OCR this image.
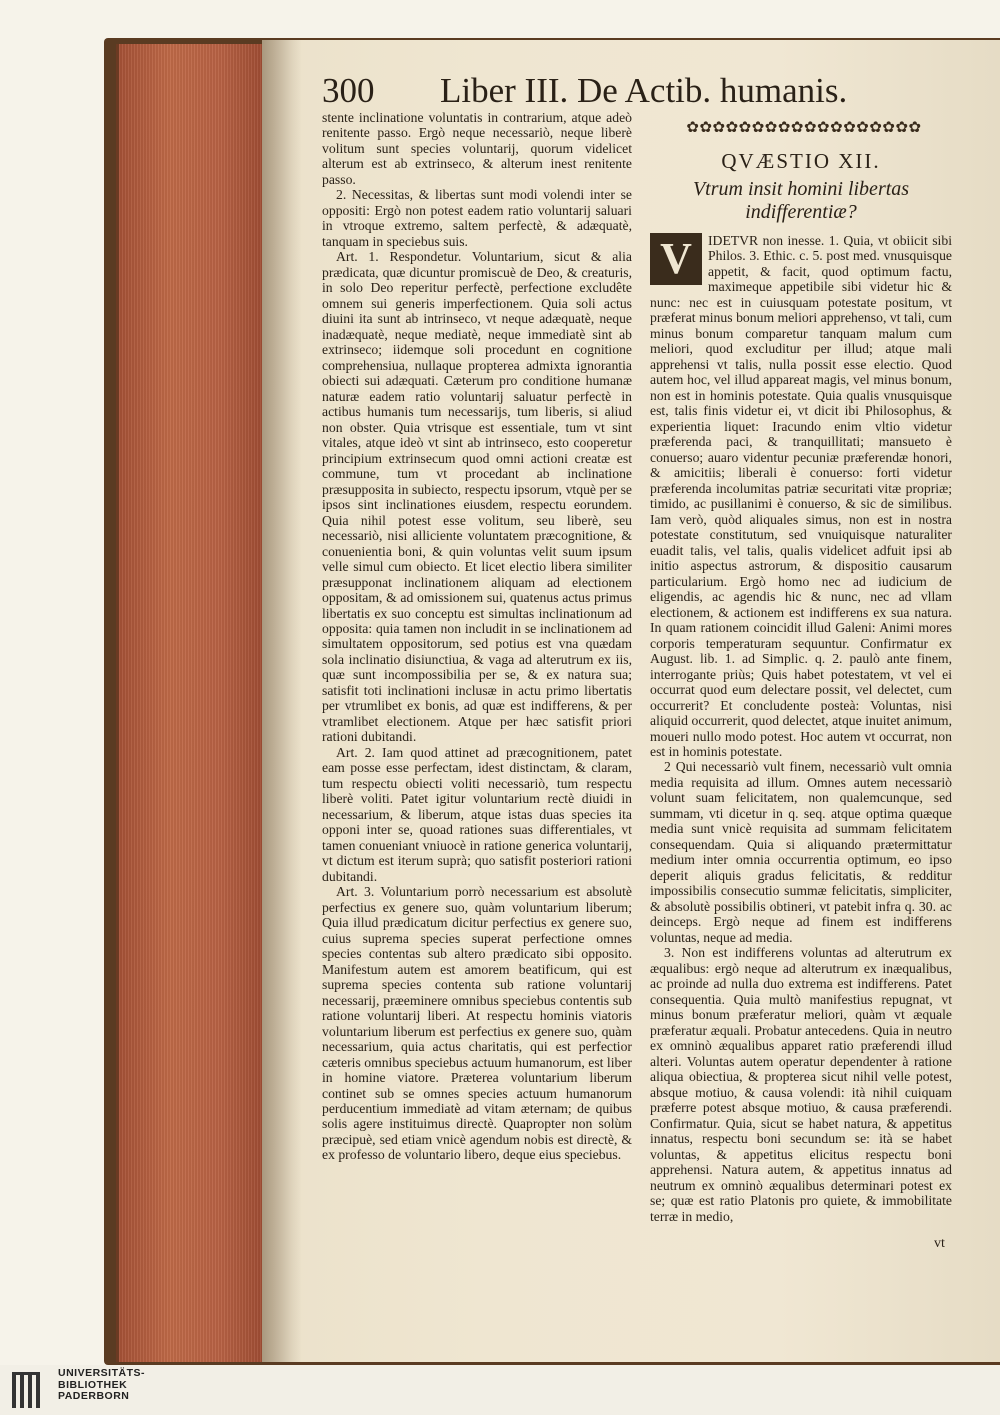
300 Liber III. De Actib. humanis.

stente inclinatione voluntatis in contrarium, atque adeò renitente passo. Ergò neque necessariò, neque liberè volitum sunt species voluntarij, quorum videlicet alterum est ab extrinseco, & alterum inest renitente passo.

2. Necessitas, & libertas sunt modi volendi inter se oppositi: Ergò non potest eadem ratio voluntarij saluari in vtroque extremo, saltem perfectè, & adæquatè, tanquam in speciebus suis.

Art. 1. Respondetur. Voluntarium, sicut & alia prædicata, quæ dicuntur promiscuè de Deo, & creaturis, in solo Deo reperitur perfectè, perfectione excludête omnem sui generis imperfectionem. Quia soli actus diuini ita sunt ab intrinseco, vt neque adæquatè, neque inadæquatè, neque mediatè, neque immediatè sint ab extrinseco; iidemque soli procedunt en cognitione comprehensiua, nullaque propterea admixta ignorantia obiecti sui adæquati. Cæterum pro conditione humanæ naturæ eadem ratio voluntarij saluatur perfectè in actibus humanis tum necessarijs, tum liberis, si aliud non obster. Quia vtrisque est essentiale, tum vt sint vitales, atque ideò vt sint ab intrinseco, esto cooperetur principium extrinsecum quod omni actioni creatæ est commune, tum vt procedant ab inclinatione præsupposita in subiecto, respectu ipsorum, vtquè per se ipsos sint inclinationes eiusdem, respectu eorundem. Quia nihil potest esse volitum, seu liberè, seu necessariò, nisi alliciente voluntatem præcognitione, & conuenientia boni, & quin voluntas velit suum ipsum velle simul cum obiecto. Et licet electio libera similiter præsupponat inclinationem aliquam ad electionem oppositam, & ad omissionem sui, quatenus actus primus libertatis ex suo conceptu est simultas inclinationum ad opposita: quia tamen non includit in se inclinationem ad simultatem oppositorum, sed potius est vna quædam sola inclinatio disiunctiua, & vaga ad alterutrum ex iis, quæ sunt incompossibilia per se, & ex natura sua; satisfit toti inclinationi inclusæ in actu primo libertatis per vtrumlibet ex bonis, ad quæ est indifferens, & per vtramlibet electionem. Atque per hæc satisfit priori rationi dubitandi.

Art. 2. Iam quod attinet ad præcognitionem, patet eam posse esse perfectam, idest distinctam, & claram, tum respectu obiecti voliti necessariò, tum respectu liberè voliti. Patet igitur voluntarium rectè diuidi in necessarium, & liberum, atque istas duas species ita opponi inter se, quoad rationes suas differentiales, vt tamen conueniant vniuocè in ratione generica voluntarij, vt dictum est iterum suprà; quo satisfit posteriori rationi dubitandi.

Art. 3. Voluntarium porrò necessarium est absolutè perfectius ex genere suo, quàm voluntarium liberum; Quia illud prædicatum dicitur perfectius ex genere suo, cuius suprema species superat perfectione omnes species contentas sub altero prædicato sibi opposito. Manifestum autem est amorem beatificum, qui est suprema species contenta sub ratione voluntarij necessarij, præeminere omnibus speciebus contentis sub ratione voluntarij liberi. At respectu hominis viatoris voluntarium liberum est perfectius ex genere suo, quàm necessarium, quia actus charitatis, qui est perfectior cæteris omnibus speciebus actuum humanorum, est liber in homine viatore. Præterea voluntarium liberum continet sub se omnes species actuum humanorum perducentium immediatè ad vitam æternam; de quibus solis agere instituimus directè. Quapropter non solùm præcipuè, sed etiam vnicè agendum nobis est directè, & ex professo de voluntario libero, deque eius speciebus.

✿✿✿✿✿✿✿✿✿✿✿✿✿✿✿✿✿✿
QVÆSTIO XII.
Vtrum insit homini libertas indifferentiæ?

V	IDETVR non inesse. 1. Quia, vt obiicit sibi Philos. 3. Ethic. c. 5. post med. vnusquisque appetit, & facit, quod optimum factu, maximeque appetibile sibi videtur hic & nunc: nec est in cuiusquam potestate positum, vt præferat minus bonum meliori apprehenso, vt tali, cum minus bonum comparetur tanquam malum cum meliori, quod excluditur per illud; atque mali apprehensi vt talis, nulla possit esse electio. Quod autem hoc, vel illud appareat magis, vel minus bonum, non est in hominis potestate. Quia qualis vnusquisque est, talis finis videtur ei, vt dicit ibi Philosophus, & experientia liquet: Iracundo enim vltio videtur præferenda paci, & tranquillitati; mansueto è conuerso; auaro videntur pecuniæ præferendæ honori, & amicitiis; liberali è conuerso: forti videtur præferenda incolumitas patriæ securitati vitæ propriæ; timido, ac pusillanimi è conuerso, & sic de similibus. Iam verò, quòd aliquales simus, non est in nostra potestate constitutum, sed vnuiquisque naturaliter euadit talis, vel talis, qualis videlicet adfuit ipsi ab initio aspectus astrorum, & dispositio causarum particularium. Ergò homo nec ad iudicium de eligendis, ac agendis hic & nunc, nec ad vllam electionem, & actionem est indifferens ex sua natura. In quam rationem coincidit illud Galeni: Animi mores corporis temperaturam sequuntur. Confirmatur ex August. lib. 1. ad Simplic. q. 2. paulò ante finem, interrogante priùs; Quis habet potestatem, vt vel ei occurrat quod eum delectare possit, vel delectet, cum occurrerit? Et concludente posteà: Voluntas, nisi aliquid occurrerit, quod delectet, atque inuitet animum, moueri nullo modo potest. Hoc autem vt occurrat, non est in hominis potestate.

2 Qui necessariò vult finem, necessariò vult omnia media requisita ad illum. Omnes autem necessariò volunt suam felicitatem, non qualemcunque, sed summam, vti dicetur in q. seq. atque optima quæque media sunt vnicè requisita ad summam felicitatem consequendam. Quia si aliquando prætermittatur medium inter omnia occurrentia optimum, eo ipso deperit aliquis gradus felicitatis, & redditur impossibilis consecutio summæ felicitatis, simpliciter, & absolutè possibilis obtineri, vt patebit infra q. 30. ac deinceps. Ergò neque ad finem est indifferens voluntas, neque ad media.

3. Non est indifferens voluntas ad alterutrum ex æqualibus: ergò neque ad alterutrum ex inæqualibus, ac proinde ad nulla duo extrema est indifferens. Patet consequentia. Quia multò manifestius repugnat, vt minus bonum præferatur meliori, quàm vt æquale præferatur æquali. Probatur antecedens. Quia in neutro ex omninò æqualibus apparet ratio præferendi illud alteri. Voluntas autem operatur dependenter à ratione aliqua obiectiua, & propterea sicut nihil velle potest, absque motiuo, & causa volendi: ità nihil cuiquam præferre potest absque motiuo, & causa præferendi. Confirmatur. Quia, sicut se habet natura, & appetitus innatus, respectu boni secundum se: ità se habet voluntas, & appetitus elicitus respectu boni apprehensi. Natura autem, & appetitus innatus ad neutrum ex omninò æqualibus determinari potest ex se; quæ est ratio Platonis pro quiete, & immobilitate terræ in medio,

vt
UNIVERSITÄTS-
BIBLIOTHEK
PADERBORN
